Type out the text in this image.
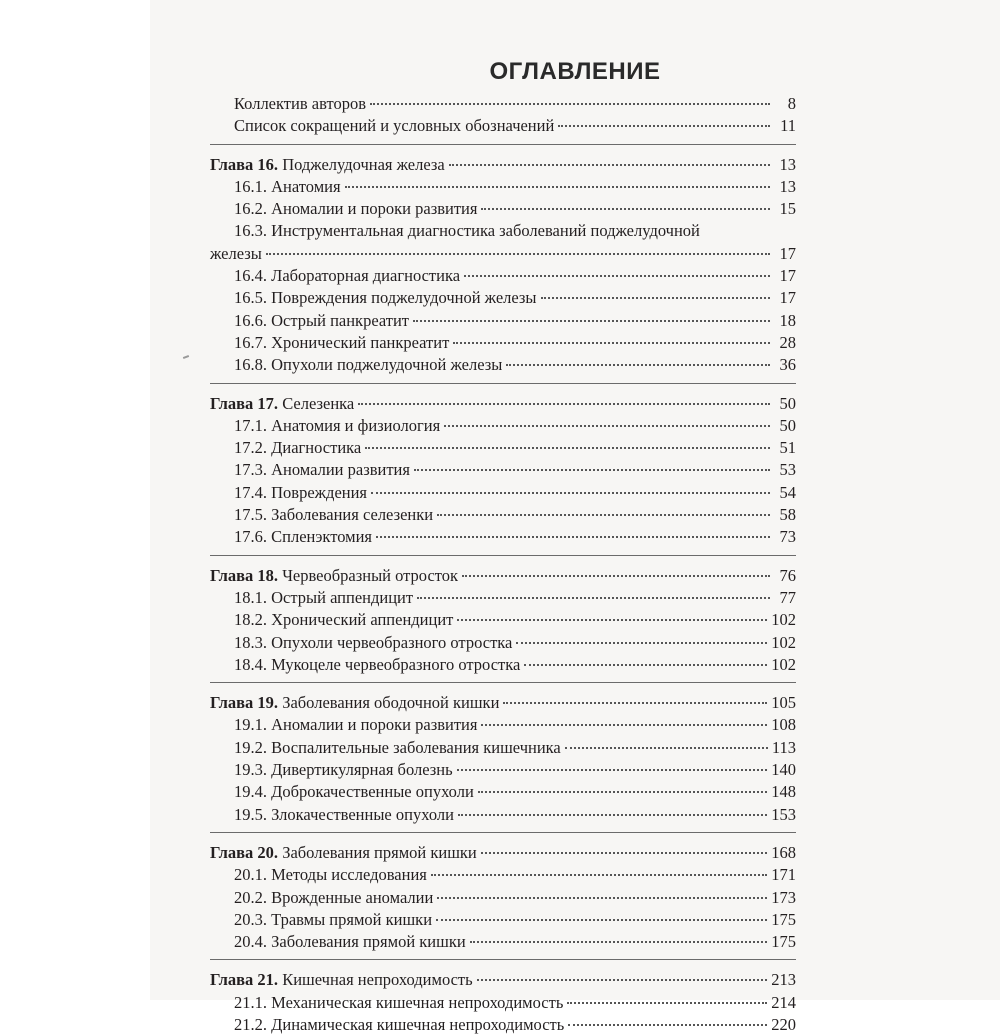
ОГЛАВЛЕНИЕ
Коллектив авторов	8
Список сокращений и условных обозначений	11
Глава 16. Поджелудочная железа	13
16.1. Анатомия	13
16.2. Аномалии и пороки развития	15
16.3. Инструментальная диагностика заболеваний поджелудочной
железы	17
16.4. Лабораторная диагностика	17
16.5. Повреждения поджелудочной железы	17
16.6. Острый панкреатит	18
16.7. Хронический панкреатит	28
16.8. Опухоли поджелудочной железы	36
Глава 17. Селезенка	50
17.1. Анатомия и физиология	50
17.2. Диагностика	51
17.3. Аномалии развития	53
17.4. Повреждения	54
17.5. Заболевания селезенки	58
17.6. Спленэктомия	73
Глава 18. Червеобразный отросток	76
18.1. Острый аппендицит	77
18.2. Хронический аппендицит	102
18.3. Опухоли червеобразного отростка	102
18.4. Мукоцеле червеобразного отростка	102
Глава 19. Заболевания ободочной кишки	105
19.1. Аномалии и пороки развития	108
19.2. Воспалительные заболевания кишечника	113
19.3. Дивертикулярная болезнь	140
19.4. Доброкачественные опухоли	148
19.5. Злокачественные опухоли	153
Глава 20. Заболевания прямой кишки	168
20.1. Методы исследования	171
20.2. Врожденные аномалии	173
20.3. Травмы прямой кишки	175
20.4. Заболевания прямой кишки	175
Глава 21. Кишечная непроходимость	213
21.1. Механическая кишечная непроходимость	214
21.2. Динамическая кишечная непроходимость	220
